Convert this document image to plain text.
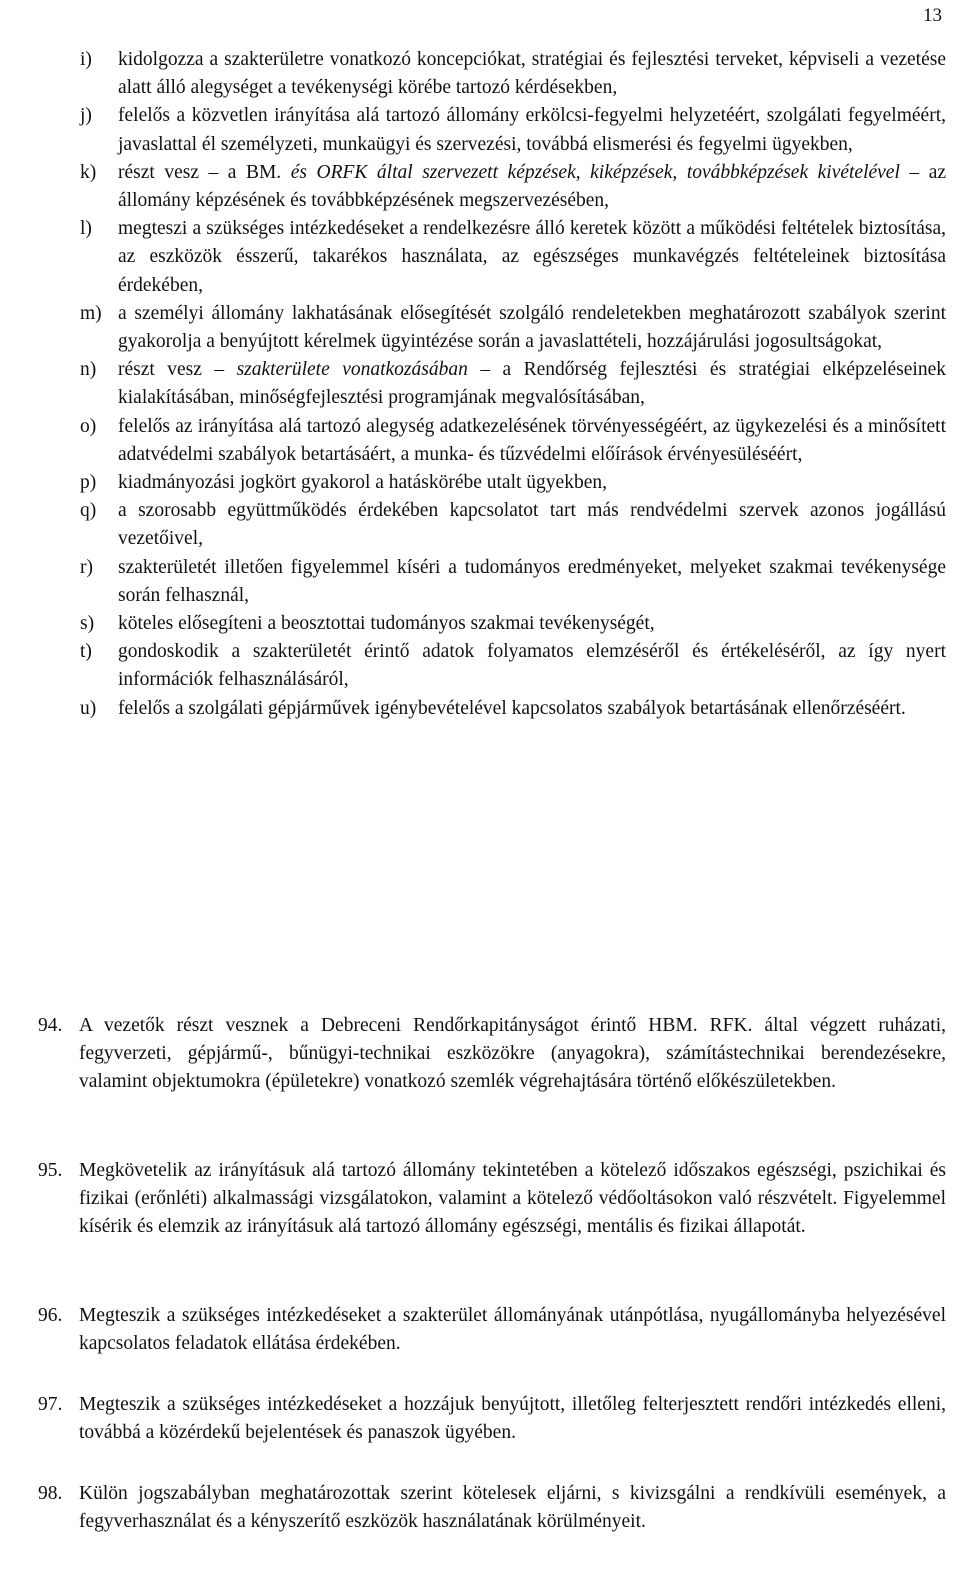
13
i)	kidolgozza a szakterületre vonatkozó koncepciókat, stratégiai és fejlesztési terveket, képviseli a vezetése alatt álló alegységet a tevékenységi körébe tartozó kérdésekben,
j)	felelős a közvetlen irányítása alá tartozó állomány erkölcsi-fegyelmi helyzetéért, szolgálati fegyelméért, javaslattal él személyzeti, munkaügyi és szervezési, továbbá elismerési és fegyelmi ügyekben,
k)	részt vesz – a BM. és ORFK által szervezett képzések, kiképzések, továbbképzések kivételével – az állomány képzésének és továbbképzésének megszervezésében,
l)	megteszi a szükséges intézkedéseket a rendelkezésre álló keretek között a működési feltételek biztosítása, az eszközök ésszerű, takarékos használata, az egészséges munkavégzés feltételeinek biztosítása érdekében,
m) a személyi állomány lakhatásának elősegítését szolgáló rendeletekben meghatározott szabályok szerint gyakorolja a benyújtott kérelmek ügyintézése során a javaslattételi, hozzájárulási jogosultságokat,
n)	részt vesz – szakterülete vonatkozásában – a Rendőrség fejlesztési és stratégiai elképzeléseinek kialakításában, minőségfejlesztési programjának megvalósításában,
o)	felelős az irányítása alá tartozó alegység adatkezelésének törvényességéért, az ügykezelési és a minősített adatvédelmi szabályok betartásáért, a munka- és tűzvédelmi előírások érvényesüléséért,
p)	kiadmányozási jogkört gyakorol a hatáskörébe utalt ügyekben,
q)	a szorosabb együttműködés érdekében kapcsolatot tart más rendvédelmi szervek azonos jogállású vezetőivel,
r)	szakterületét illetően figyelemmel kíséri a tudományos eredményeket, melyeket szakmai tevékenysége során felhasznál,
s)	köteles elősegíteni a beosztottai tudományos szakmai tevékenységét,
t)	gondoskodik a szakterületét érintő adatok folyamatos elemzéséről és értékeléséről, az így nyert információk felhasználásáról,
u)	felelős a szolgálati gépjárművek igénybevételével kapcsolatos szabályok betartásának ellenőrzéséért.
94. A vezetők részt vesznek a Debreceni Rendőrkapitányságot érintő HBM. RFK. által végzett ruházati, fegyverzeti, gépjármű-, bűnügyi-technikai eszközökre (anyagokra), számítástechnikai berendezésekre, valamint objektumokra (épületekre) vonatkozó szemlék végrehajtására történő előkészületekben.
95. Megkövetelik az irányításuk alá tartozó állomány tekintetében a kötelező időszakos egészségi, pszichikai és fizikai (erőnléti) alkalmassági vizsgálatokon, valamint a kötelező védőoltásokon való részvételt. Figyelemmel kísérik és elemzik az irányításuk alá tartozó állomány egészségi, mentális és fizikai állapotát.
96. Megteszik a szükséges intézkedéseket a szakterület állományának utánpótlása, nyugállományba helyezésével kapcsolatos feladatok ellátása érdekében.
97. Megteszik a szükséges intézkedéseket a hozzájuk benyújtott, illetőleg felterjesztett rendőri intézkedés elleni, továbbá a közérdekű bejelentések és panaszok ügyében.
98. Külön jogszabályban meghatározottak szerint kötelesek eljárni, s kivizsgálni a rendkívüli események, a fegyverhasználat és a kényszerítő eszközök használatának körülményeit.
